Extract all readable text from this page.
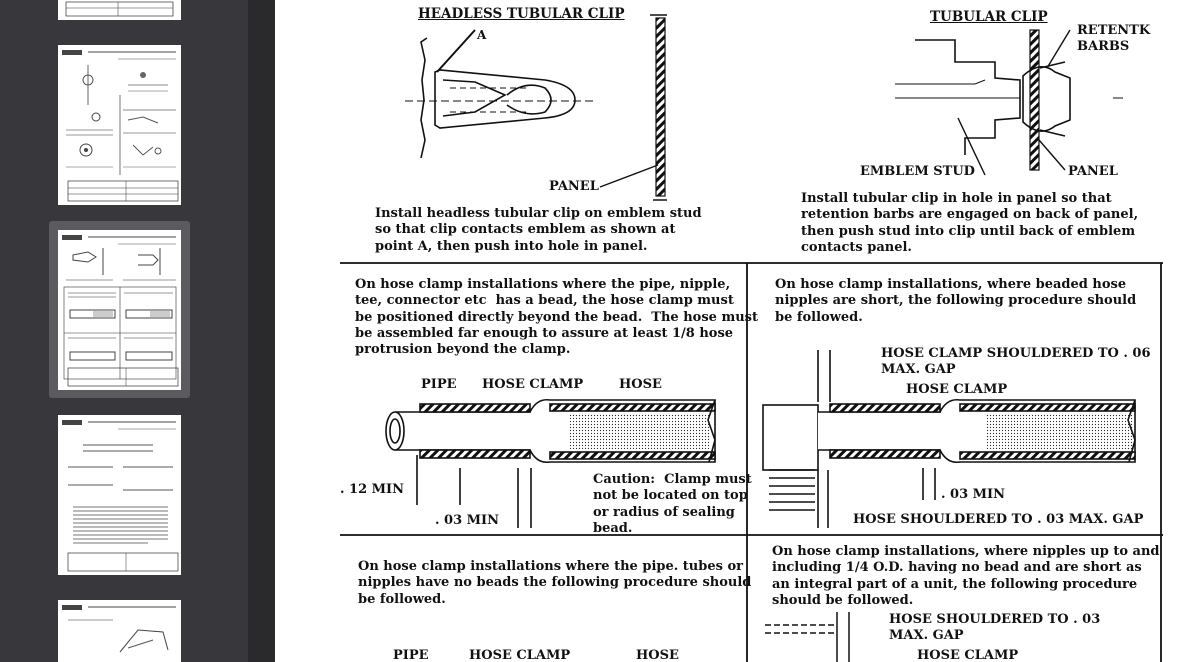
HEADLESS TUBULAR CLIP
A
PANEL
Install headless tubular clip on emblem stud
so that clip contacts emblem as shown at
point A, then push into hole in panel.
TUBULAR CLIP
RETENTK
BARBS
EMBLEM STUD	PANEL
Install tubular clip in hole in panel so that
retention barbs are engaged on back of panel,
then push stud into clip until back of emblem
contacts panel.
On hose clamp installations where the pipe, nipple,
tee, connector etc  has a bead, the hose clamp must
be positioned directly beyond the bead.  The hose must
be assembled far enough to assure at least 1/8 hose
protrusion beyond the clamp.
PIPE HOSE CLAMP	HOSE
. 12 MIN
. 03 MIN
Caution:  Clamp must
not be located on top
or radius of sealing
bead.
On hose clamp installations, where beaded hose
nipples are short, the following procedure should
be followed.
HOSE CLAMP SHOULDERED TO . 06
MAX. GAP
HOSE CLAMP
. 03 MIN
HOSE SHOULDERED TO . 03 MAX. GAP
On hose clamp installations where the pipe. tubes or
nipples have no beads the following procedure should
be followed.
PIPE	HOSE CLAMP	HOSE
On hose clamp installations, where nipples up to and
including 1/4 O.D. having no bead and are short as
an integral part of a unit, the following procedure
should be followed.
HOSE SHOULDERED TO . 03
MAX. GAP
HOSE CLAMP
